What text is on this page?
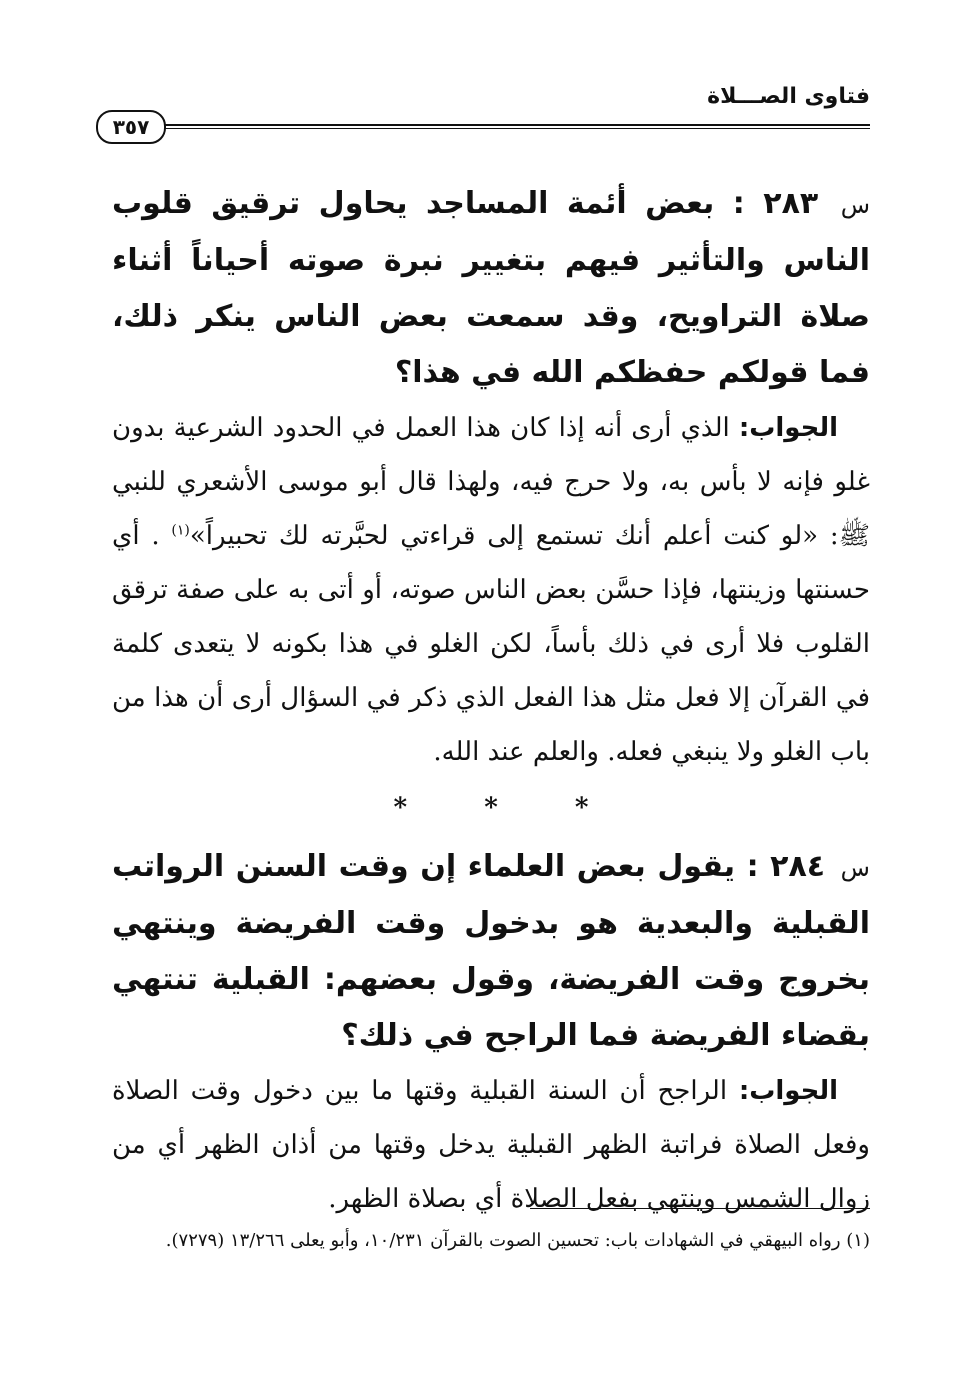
فتاوى الصـــلاة
٣٥٧

س ٢٨٣ : بعض أئمة المساجد يحاول ترقيق قلوب الناس والتأثير فيهم بتغيير نبرة صوته أحياناً أثناء صلاة التراويح، وقد سمعت بعض الناس ينكر ذلك، فما قولكم حفظكم الله في هذا؟

الجواب: الذي أرى أنه إذا كان هذا العمل في الحدود الشرعية بدون غلو فإنه لا بأس به، ولا حرج فيه، ولهذا قال أبو موسى الأشعري للنبي ﷺ: «لو كنت أعلم أنك تستمع إلى قراءتي لحبَّرته لك تحبيراً»$^{(١)}$ . أي حسنتها وزينتها، فإذا حسَّن بعض الناس صوته، أو أتى به على صفة ترقق القلوب فلا أرى في ذلك بأساً، لكن الغلو في هذا بكونه لا يتعدى كلمة في القرآن إلا فعل مثل هذا الفعل الذي ذكر في السؤال أرى أن هذا من باب الغلو ولا ينبغي فعله. والعلم عند الله.

* * *

س ٢٨٤ : يقول بعض العلماء إن وقت السنن الرواتب القبلية والبعدية هو بدخول وقت الفريضة وينتهي بخروج وقت الفريضة، وقول بعضهم: القبلية تنتهي بقضاء الفريضة فما الراجح في ذلك؟

الجواب: الراجح أن السنة القبلية وقتها ما بين دخول وقت الصلاة وفعل الصلاة فراتبة الظهر القبلية يدخل وقتها من أذان الظهر أي من زوال الشمس وينتهي بفعل الصلاة أي بصلاة الظهر.

(١) رواه البيهقي في الشهادات باب: تحسين الصوت بالقرآن ١٠/٢٣١، وأبو يعلى ١٣/٢٦٦ (٧٢٧٩).
